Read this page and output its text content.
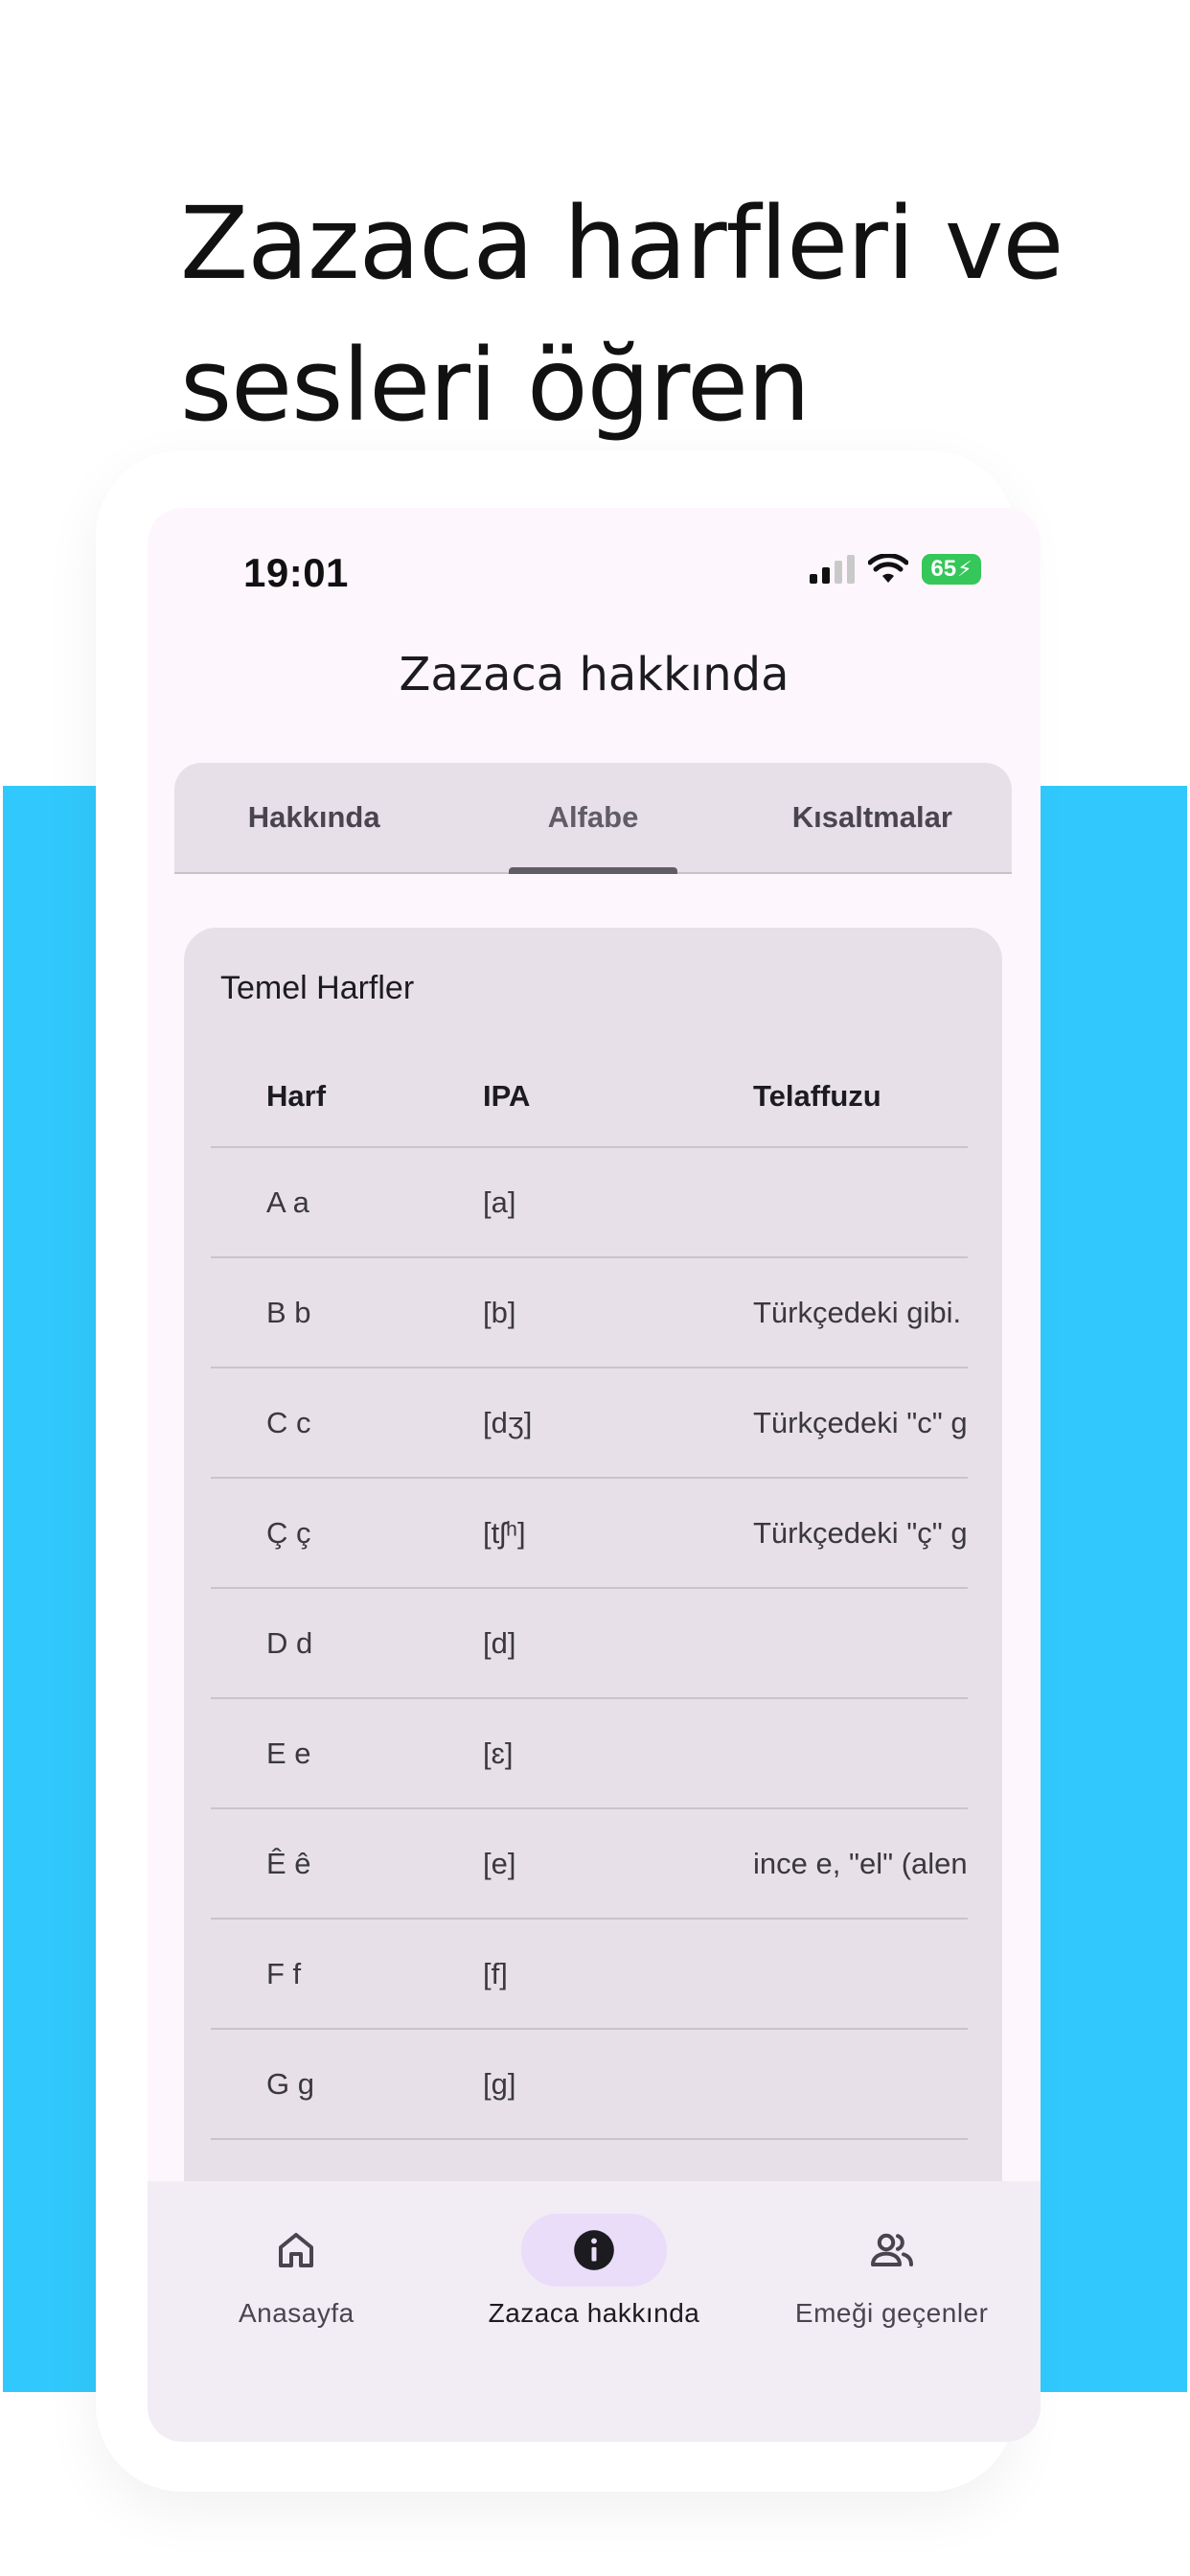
Zazaca harfleri ve sesleri öğren
19:01	65 ⚡
Zazaca hakkında
Hakkında	Alfabe	Kısaltmalar
Temel Harfler
Harf	IPA	Telaffuzu
A a	[a]
B b	[b]	Türkçedeki gibi.
C c	[dʒ]	Türkçedeki "c" g
Ç ç	[tʃʰ]	Türkçedeki "ç" g
D d	[d]
E e	[ɛ]
Ê ê	[e]	ince e, "el" (alen
F f	[f]
G g	[g]
Anasayfa	Zazaca hakkında	Emeği geçenler
